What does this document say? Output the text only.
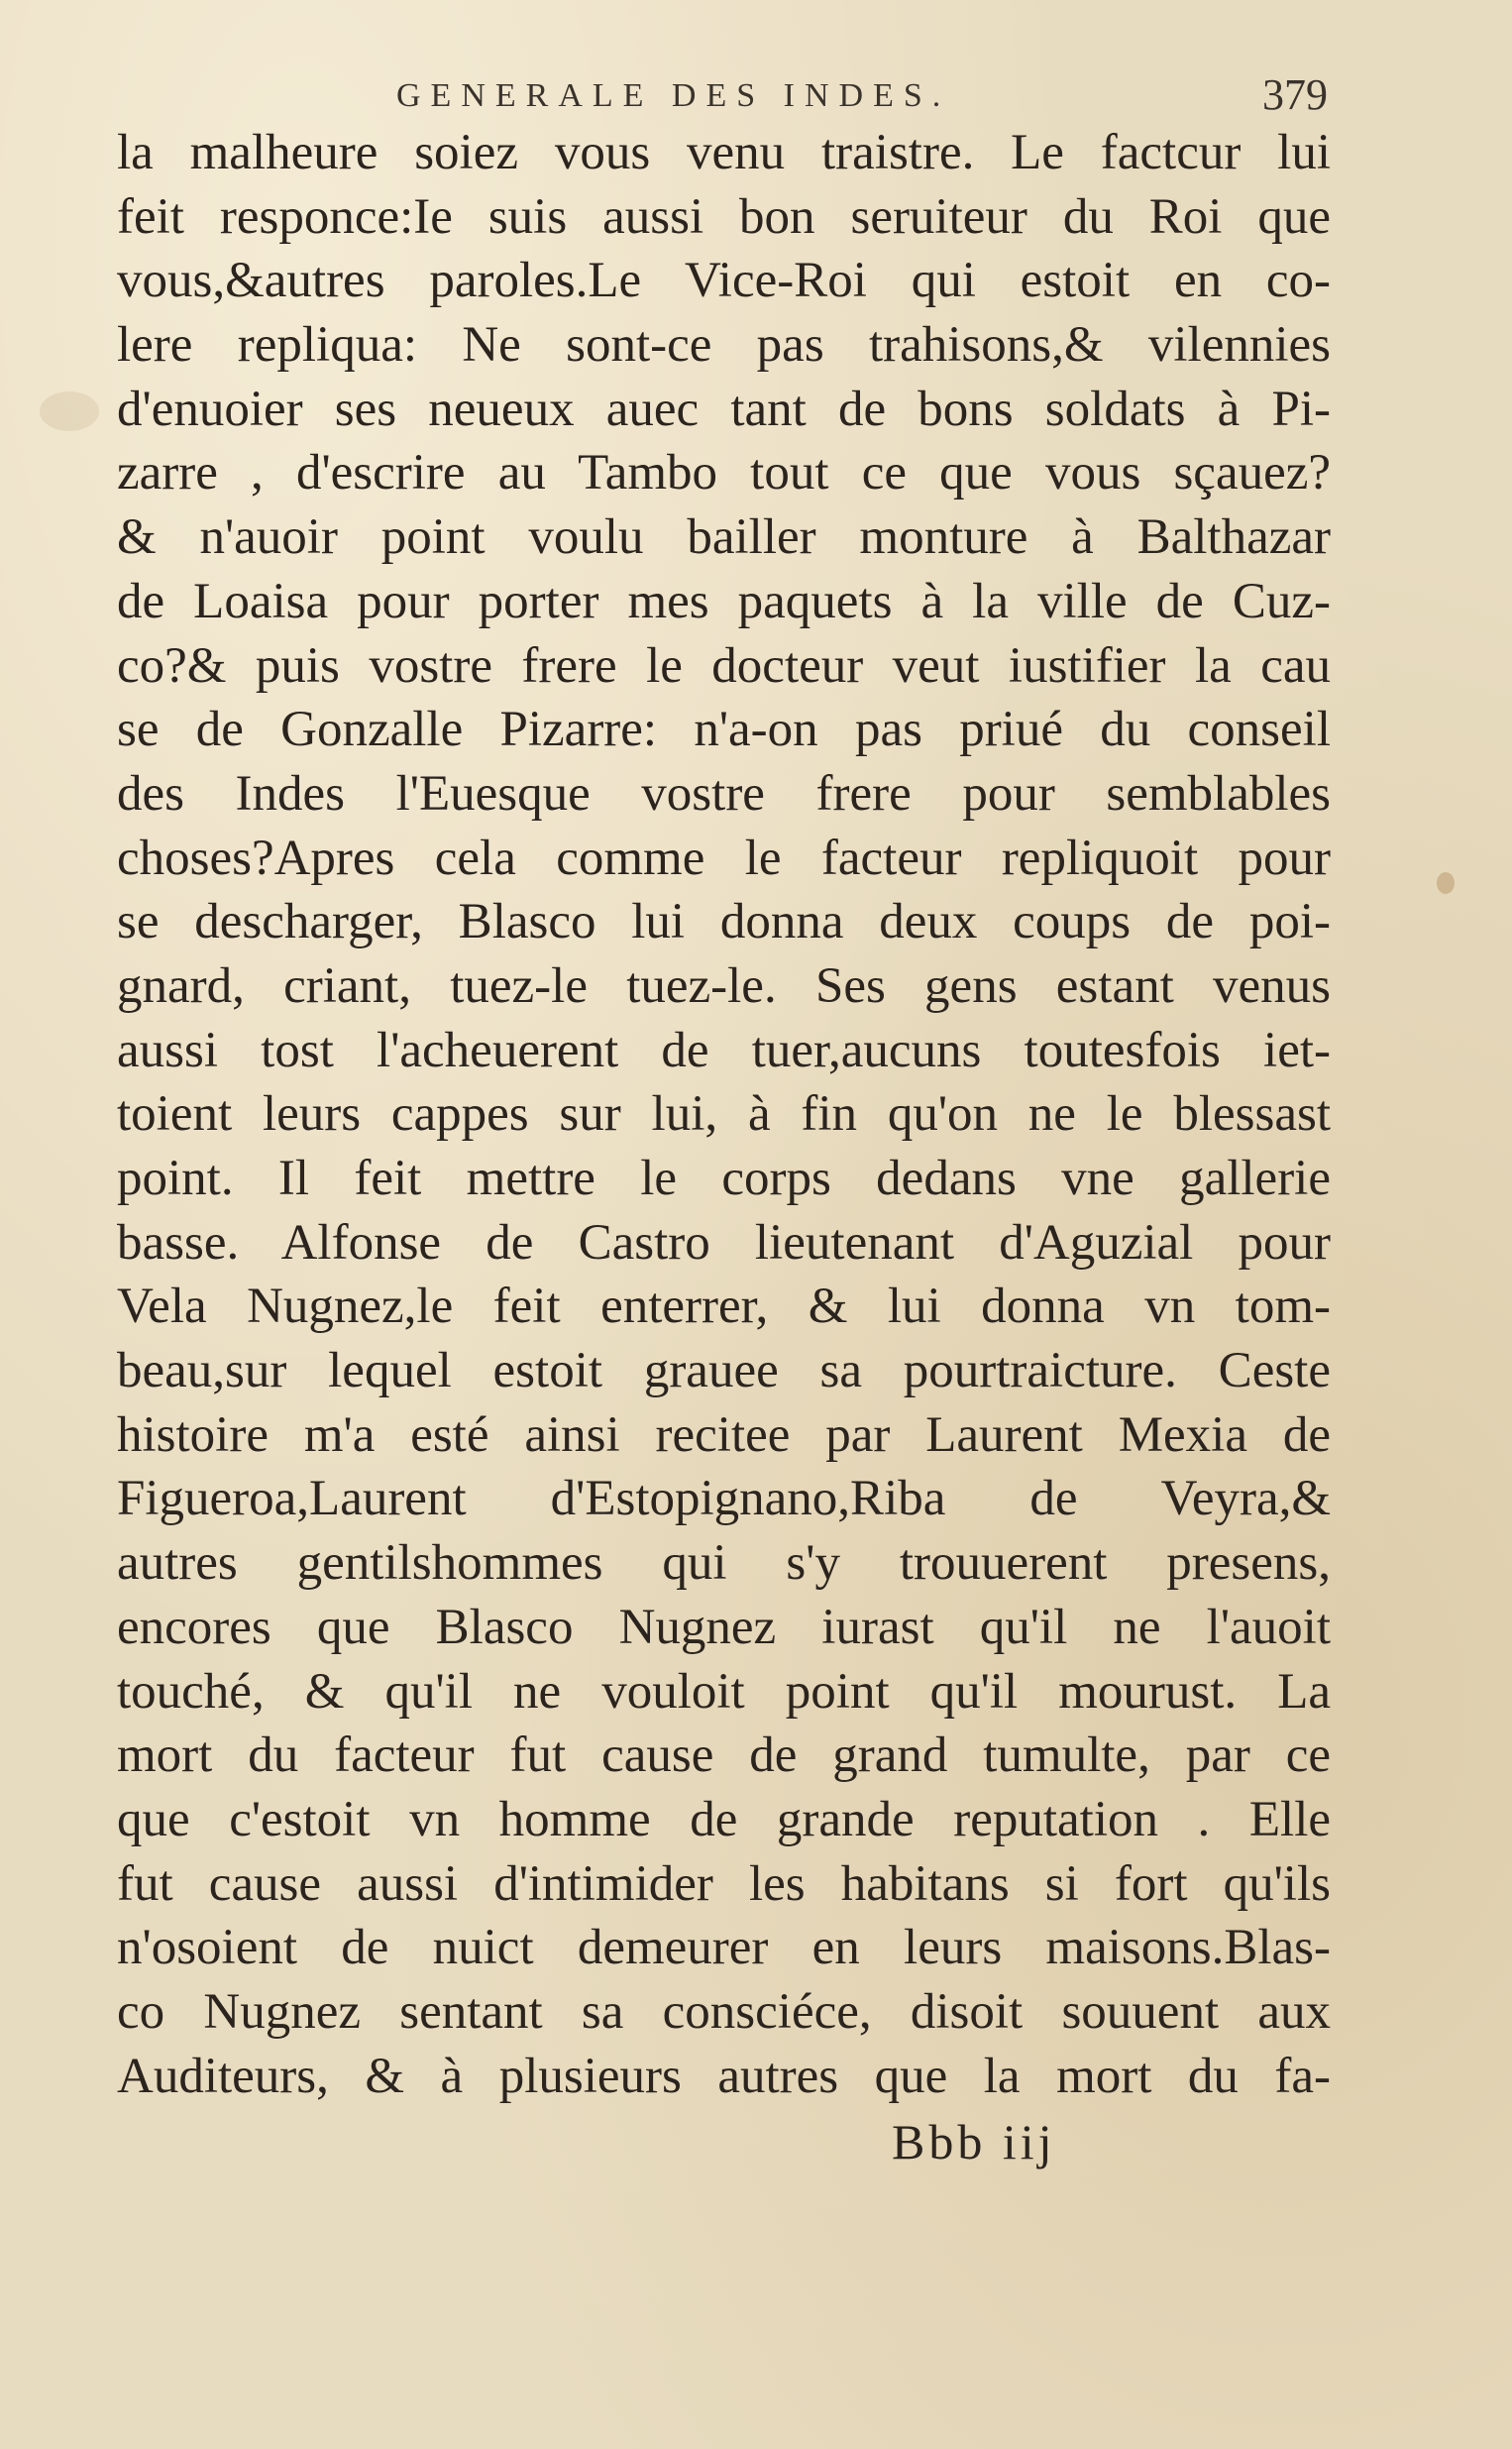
GENERALE DES INDES.	379
la malheure soiez vous venu traistre. Le factcur lui
feit responce:Ie suis aussi bon seruiteur du Roi que
vous,&autres paroles.Le Vice-Roi qui estoit en co-
lere repliqua: Ne sont-ce pas trahisons,& vilennies
d'enuoier ses neueux auec tant de bons soldats à Pi-
zarre , d'escrire au Tambo tout ce que vous sçauez?
& n'auoir point voulu bailler monture à Balthazar
de Loaisa pour porter mes paquets à la ville de Cuz-
co?& puis vostre frere le docteur veut iustifier la cau
se de Gonzalle Pizarre: n'a-on pas priué du conseil
des Indes l'Euesque vostre frere pour semblables
choses?Apres cela comme le facteur repliquoit pour
se descharger, Blasco lui donna deux coups de poi-
gnard, criant, tuez-le tuez-le. Ses gens estant venus
aussi tost l'acheuerent de tuer,aucuns toutesfois iet-
toient leurs cappes sur lui, à fin qu'on ne le blessast
point. Il feit mettre le corps dedans vne gallerie
basse. Alfonse de Castro lieutenant d'Aguzial pour
Vela Nugnez,le feit enterrer, & lui donna vn tom-
beau,sur lequel estoit grauee sa pourtraicture. Ceste
histoire m'a esté ainsi recitee par Laurent Mexia de
Figueroa,Laurent d'Estopignano,Riba de Veyra,&
autres gentilshommes qui s'y trouuerent presens,
encores que Blasco Nugnez iurast qu'il ne l'auoit
touché, & qu'il ne vouloit point qu'il mourust. La
mort du facteur fut cause de grand tumulte, par ce
que c'estoit vn homme de grande reputation . Elle
fut cause aussi d'intimider les habitans si fort qu'ils
n'osoient de nuict demeurer en leurs maisons.Blas-
co Nugnez sentant sa consciéce, disoit souuent aux
Auditeurs, & à plusieurs autres que la mort du fa-
Bbb iij
